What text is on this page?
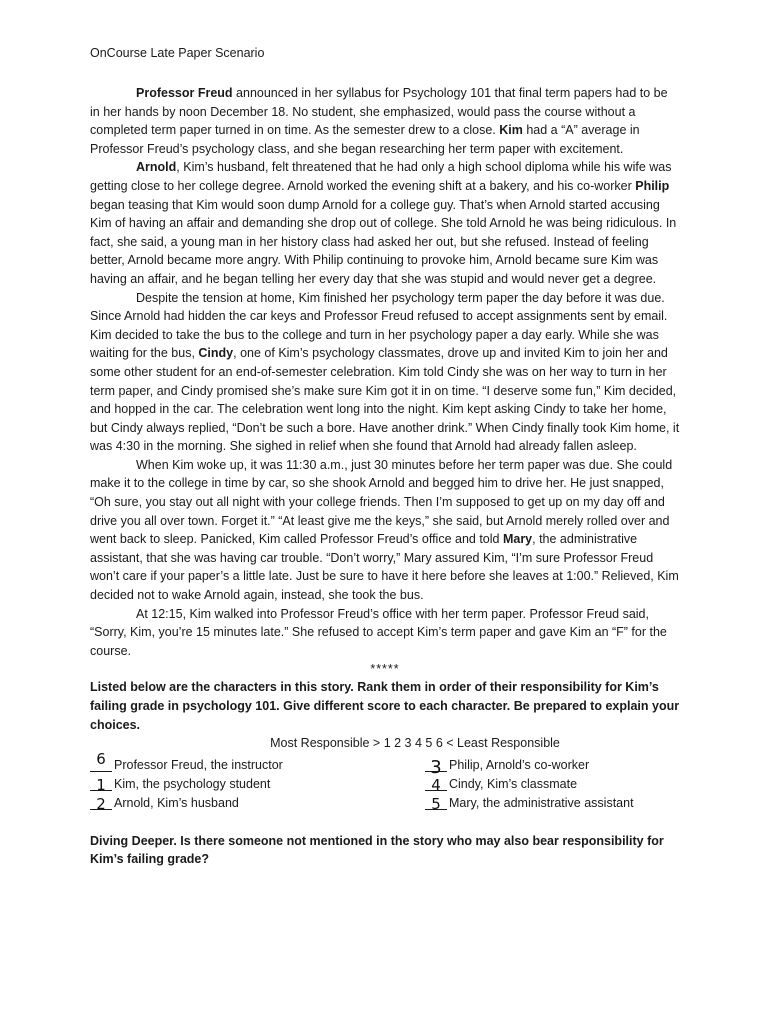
OnCourse Late Paper Scenario

Professor Freud announced in her syllabus for Psychology 101 that final term papers had to be in her hands by noon December 18. No student, she emphasized, would pass the course without a completed term paper turned in on time. As the semester drew to a close. Kim had a “A” average in Professor Freud’s psychology class, and she began researching her term paper with excitement.

Arnold, Kim’s husband, felt threatened that he had only a high school diploma while his wife was getting close to her college degree. Arnold worked the evening shift at a bakery, and his co-worker Philip began teasing that Kim would soon dump Arnold for a college guy. That’s when Arnold started accusing Kim of having an affair and demanding she drop out of college. She told Arnold he was being ridiculous. In fact, she said, a young man in her history class had asked her out, but she refused. Instead of feeling better, Arnold became more angry. With Philip continuing to provoke him, Arnold became sure Kim was having an affair, and he began telling her every day that she was stupid and would never get a degree.

Despite the tension at home, Kim finished her psychology term paper the day before it was due. Since Arnold had hidden the car keys and Professor Freud refused to accept assignments sent by email. Kim decided to take the bus to the college and turn in her psychology paper a day early. While she was waiting for the bus, Cindy, one of Kim’s psychology classmates, drove up and invited Kim to join her and some other student for an end-of-semester celebration. Kim told Cindy she was on her way to turn in her term paper, and Cindy promised she’s make sure Kim got it in on time. “I deserve some fun,” Kim decided, and hopped in the car. The celebration went long into the night. Kim kept asking Cindy to take her home, but Cindy always replied, “Don’t be such a bore. Have another drink.” When Cindy finally took Kim home, it was 4:30 in the morning. She sighed in relief when she found that Arnold had already fallen asleep.

When Kim woke up, it was 11:30 a.m., just 30 minutes before her term paper was due. She could make it to the college in time by car, so she shook Arnold and begged him to drive her. He just snapped, “Oh sure, you stay out all night with your college friends. Then I’m supposed to get up on my day off and drive you all over town. Forget it.” “At least give me the keys,” she said, but Arnold merely rolled over and went back to sleep. Panicked, Kim called Professor Freud’s office and told Mary, the administrative assistant, that she was having car trouble. “Don’t worry,” Mary assured Kim, “I’m sure Professor Freud won’t care if your paper’s a little late. Just be sure to have it here before she leaves at 1:00.” Relieved, Kim decided not to wake Arnold again, instead, she took the bus.

At 12:15, Kim walked into Professor Freud’s office with her term paper. Professor Freud said, “Sorry, Kim, you’re 15 minutes late.” She refused to accept Kim’s term paper and gave Kim an “F” for the course.

*****

Listed below are the characters in this story. Rank them in order of their responsibility for Kim’s failing grade in psychology 101. Give different score to each character. Be prepared to explain your choices.

Most Responsible > 1 2 3 4 5 6 < Least Responsible

6 Professor Freud, the instructor	3 Philip, Arnold’s co-worker
1 Kim, the psychology student	4 Cindy, Kim’s classmate
2 Arnold, Kim’s husband	5 Mary, the administrative assistant

Diving Deeper. Is there someone not mentioned in the story who may also bear responsibility for Kim’s failing grade?
